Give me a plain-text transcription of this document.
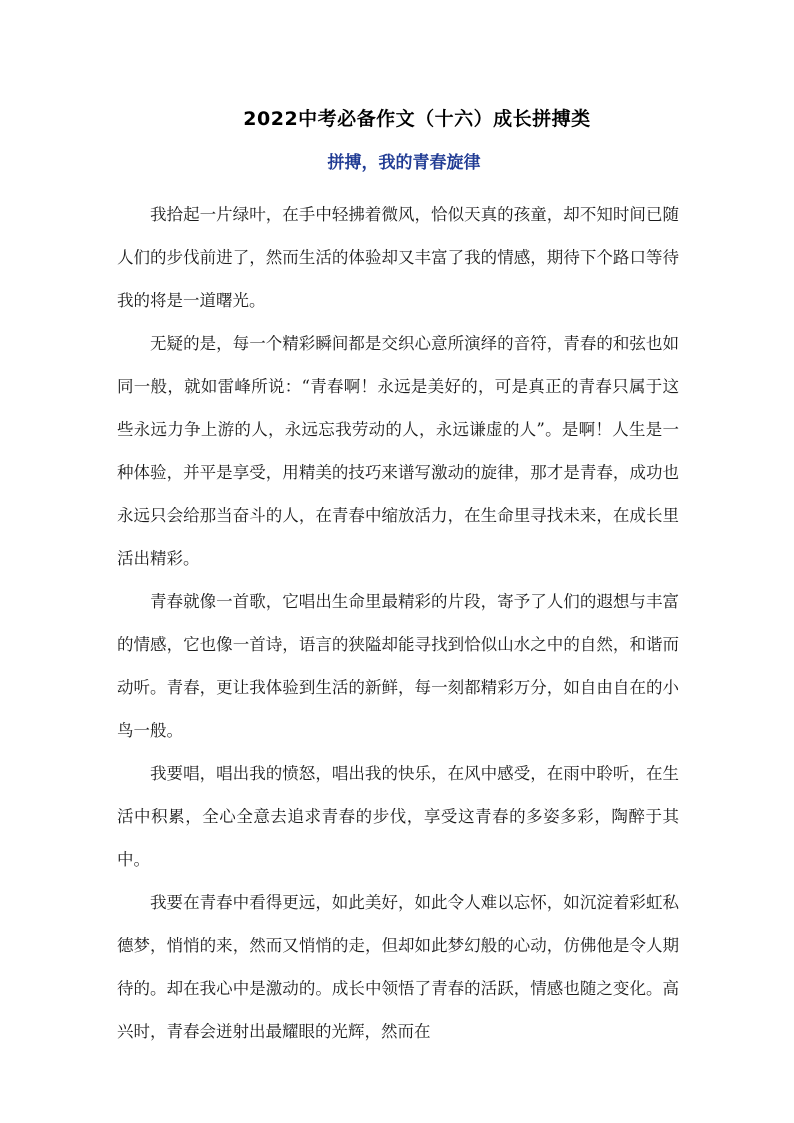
2022中考必备作文（十六）成长拼搏类
拼搏，我的青春旋律

我拾起一片绿叶，在手中轻拂着微风，恰似天真的孩童，却不知时间已随人们的步伐前进了，然而生活的体验却又丰富了我的情感，期待下个路口等待我的将是一道曙光。

无疑的是，每一个精彩瞬间都是交织心意所演绎的音符，青春的和弦也如同一般，就如雷峰所说：“青春啊！永远是美好的，可是真正的青春只属于这些永远力争上游的人，永远忘我劳动的人，永远谦虚的人”。是啊！人生是一种体验，并平是享受，用精美的技巧来谱写激动的旋律，那才是青春，成功也永远只会给那当奋斗的人，在青春中缩放活力，在生命里寻找未来，在成长里活出精彩。

青春就像一首歌，它唱出生命里最精彩的片段，寄予了人们的遐想与丰富的情感，它也像一首诗，语言的狭隘却能寻找到恰似山水之中的自然，和谐而动听。青春，更让我体验到生活的新鲜，每一刻都精彩万分，如自由自在的小鸟一般。

我要唱，唱出我的愤怒，唱出我的快乐，在风中感受，在雨中聆听，在生活中积累，全心全意去追求青春的步伐，享受这青春的多姿多彩，陶醉于其中。

我要在青春中看得更远，如此美好，如此令人难以忘怀，如沉淀着彩虹私德梦，悄悄的来，然而又悄悄的走，但却如此梦幻般的心动，仿佛他是令人期待的。却在我心中是激动的。成长中领悟了青春的活跃，情感也随之变化。高兴时，青春会迸射出最耀眼的光辉，然而在
